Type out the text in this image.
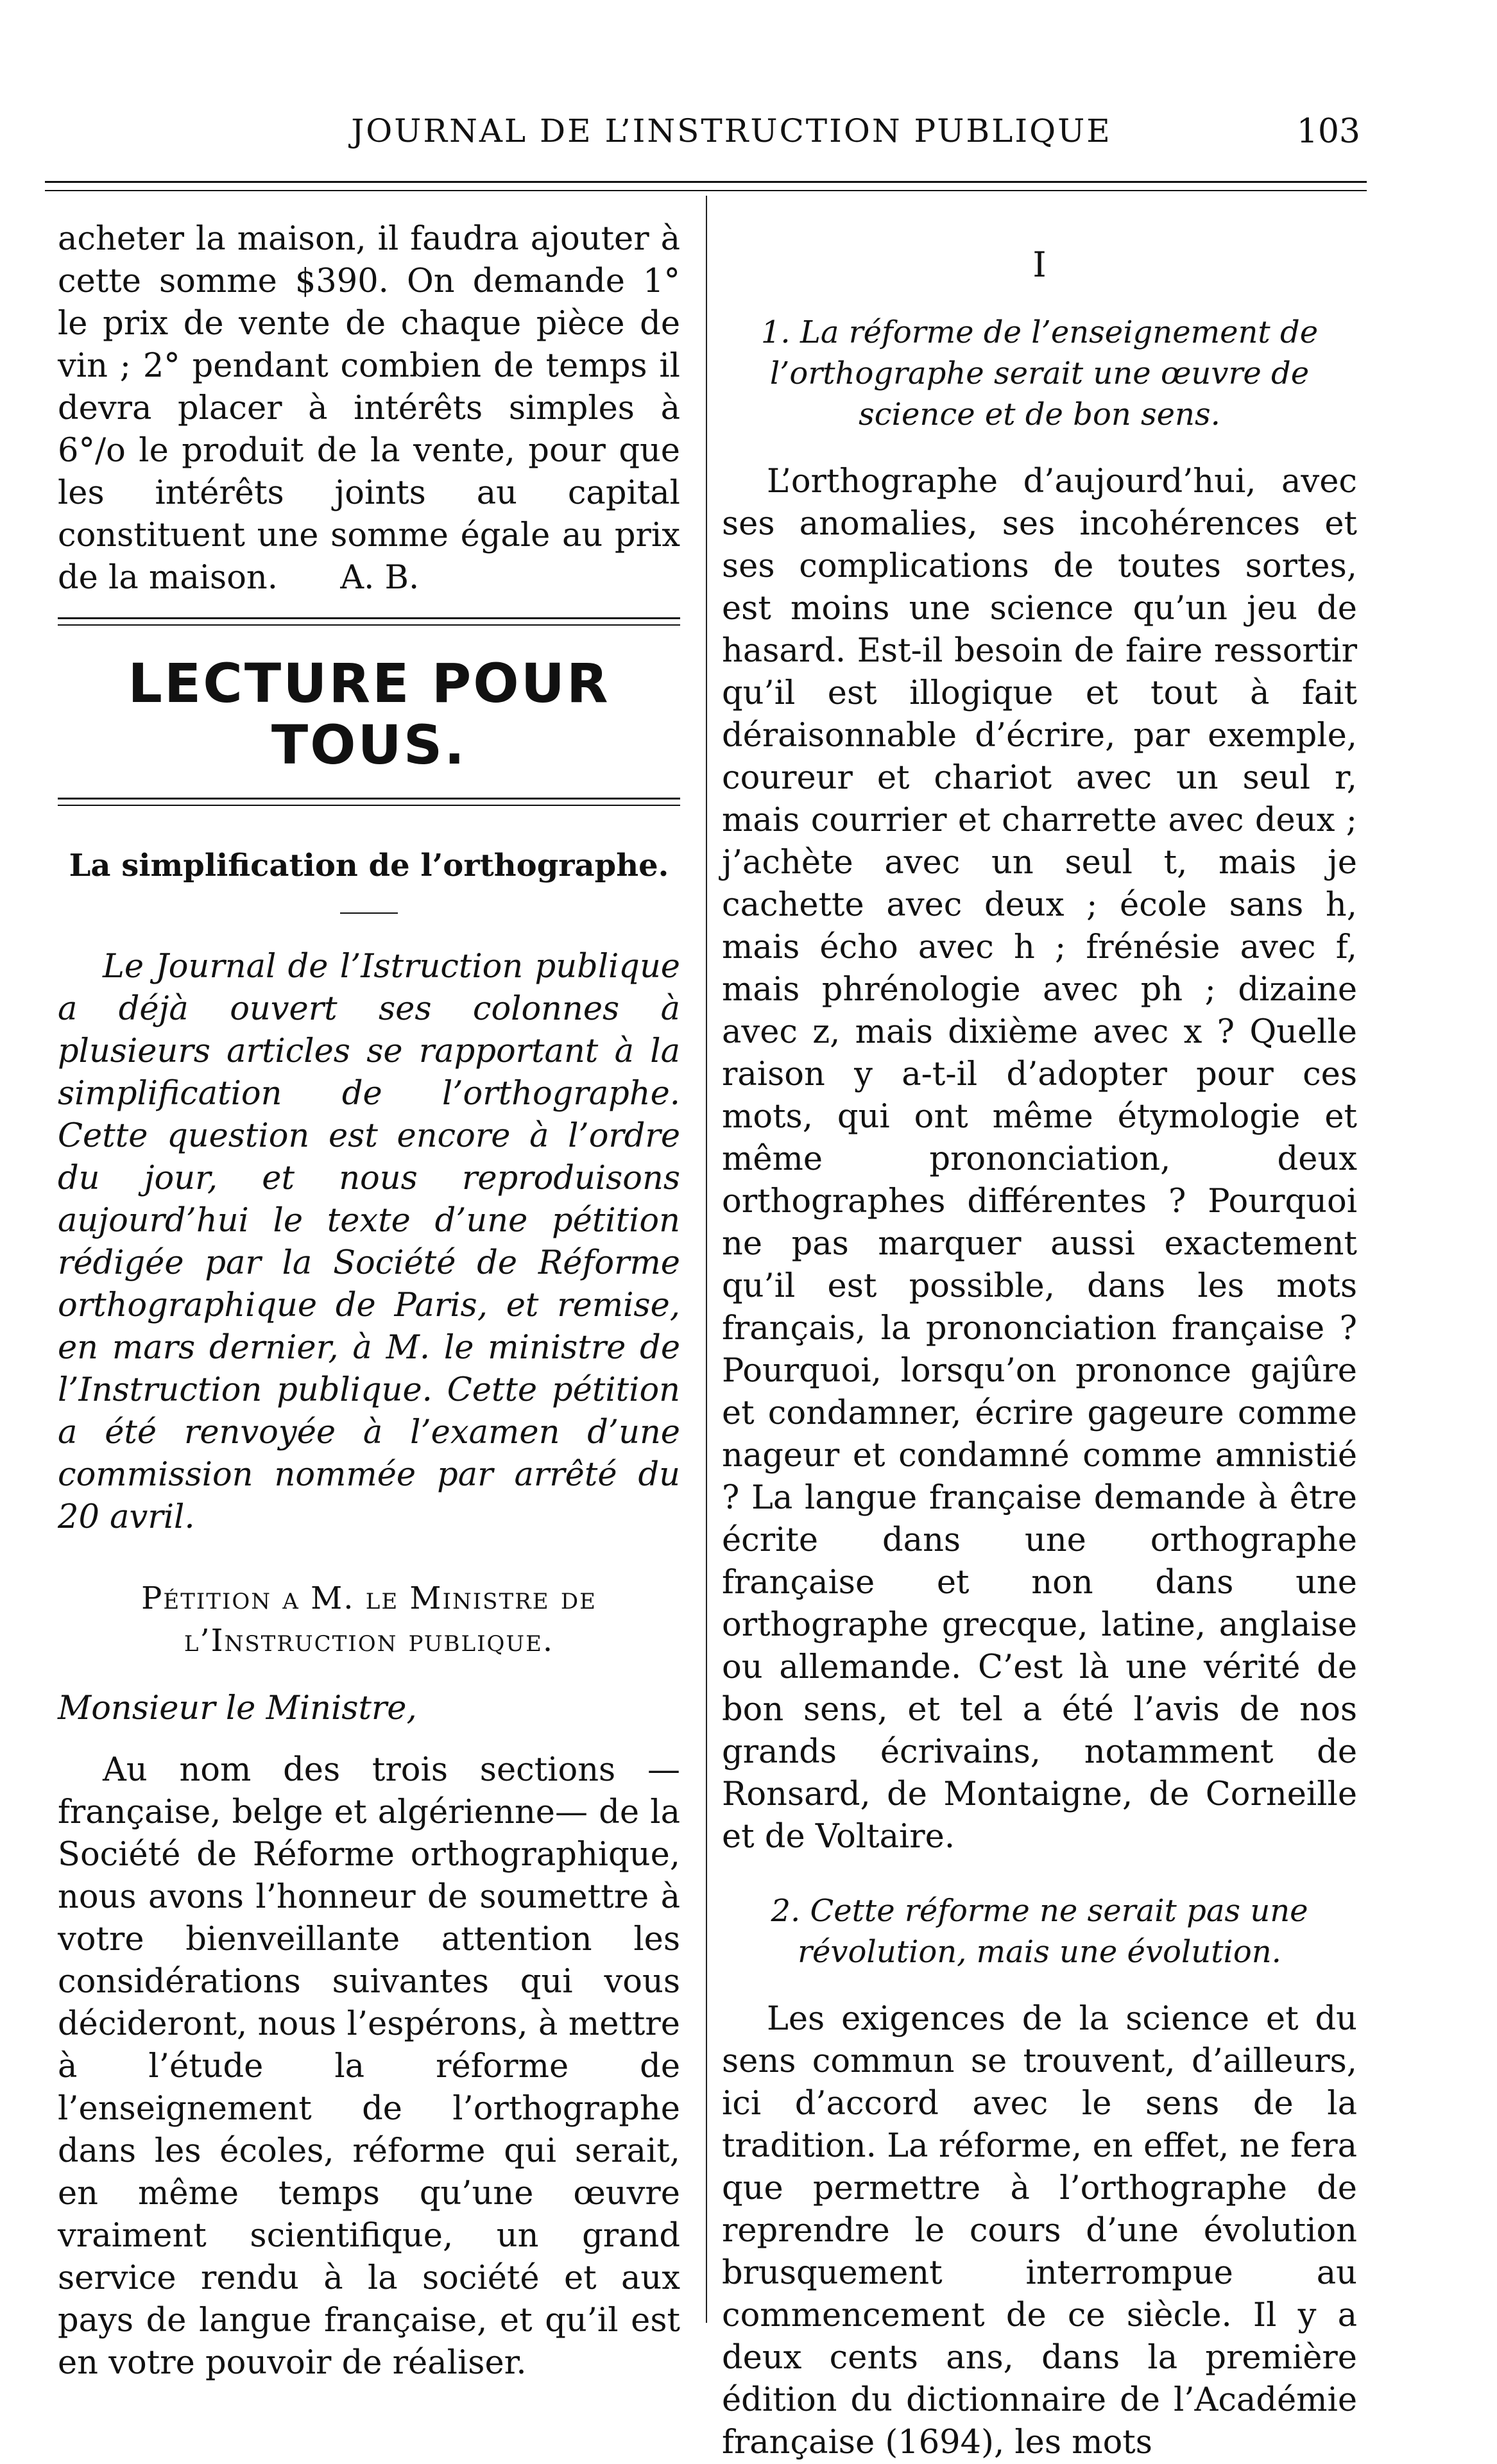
JOURNAL DE L’INSTRUCTION PUBLIQUE	103

acheter la maison, il faudra ajouter à cette somme $390. On demande 1° le prix de vente de chaque pièce de vin ; 2° pendant combien de temps il devra placer à intérêts simples à 6°/o le produit de la vente, pour que les intérêts joints au capital constituent une somme égale au prix de la maison. A. B.

LECTURE POUR TOUS.
La simplification de l’orthographe.

Le Journal de l’Istruction publique a déjà ouvert ses colonnes à plusieurs articles se rapportant à la simplification de l’orthographe. Cette question est encore à l’ordre du jour, et nous reproduisons aujourd’hui le texte d’une pétition rédigée par la Société de Réforme orthographique de Paris, et remise, en mars dernier, à M. le ministre de l’Instruction publique. Cette pétition a été renvoyée à l’examen d’une commission nommée par arrêté du 20 avril.

Pétition a M. le Ministre de l’Instruction publique.
Monsieur le Ministre,

Au nom des trois sections —française, belge et algérienne— de la Société de Réforme orthographique, nous avons l’honneur de soumettre à votre bienveillante attention les considérations suivantes qui vous décideront, nous l’espérons, à mettre à l’étude la réforme de l’enseignement de l’orthographe dans les écoles, réforme qui serait, en même temps qu’une œuvre vraiment scientifique, un grand service rendu à la société et aux pays de langue française, et qu’il est en votre pouvoir de réaliser.

I
1. La réforme de l’enseignement de l’orthographe serait une œuvre de science et de bon sens.

L’orthographe d’aujourd’hui, avec ses anomalies, ses incohérences et ses complications de toutes sortes, est moins une science qu’un jeu de hasard. Est-il besoin de faire ressortir qu’il est illogique et tout à fait déraisonnable d’écrire, par exemple, coureur et chariot avec un seul r, mais courrier et charrette avec deux ; j’achète avec un seul t, mais je cachette avec deux ; école sans h, mais écho avec h ; frénésie avec f, mais phrénologie avec ph ; dizaine avec z, mais dixième avec x ? Quelle raison y a-t-il d’adopter pour ces mots, qui ont même étymologie et même prononciation, deux orthographes différentes ? Pourquoi ne pas marquer aussi exactement qu’il est possible, dans les mots français, la prononciation française ? Pourquoi, lorsqu’on prononce gajûre et condamner, écrire gageure comme nageur et condamné comme amnistié ? La langue française demande à être écrite dans une orthographe française et non dans une orthographe grecque, latine, anglaise ou allemande. C’est là une vérité de bon sens, et tel a été l’avis de nos grands écrivains, notamment de Ronsard, de Montaigne, de Corneille et de Voltaire.

2. Cette réforme ne serait pas une révolution, mais une évolution.

Les exigences de la science et du sens commun se trouvent, d’ailleurs, ici d’accord avec le sens de la tradition. La réforme, en effet, ne fera que permettre à l’orthographe de reprendre le cours d’une évolution brusquement interrompue au commencement de ce siècle. Il y a deux cents ans, dans la première édition du dictionnaire de l’Académie française (1694), les mots
